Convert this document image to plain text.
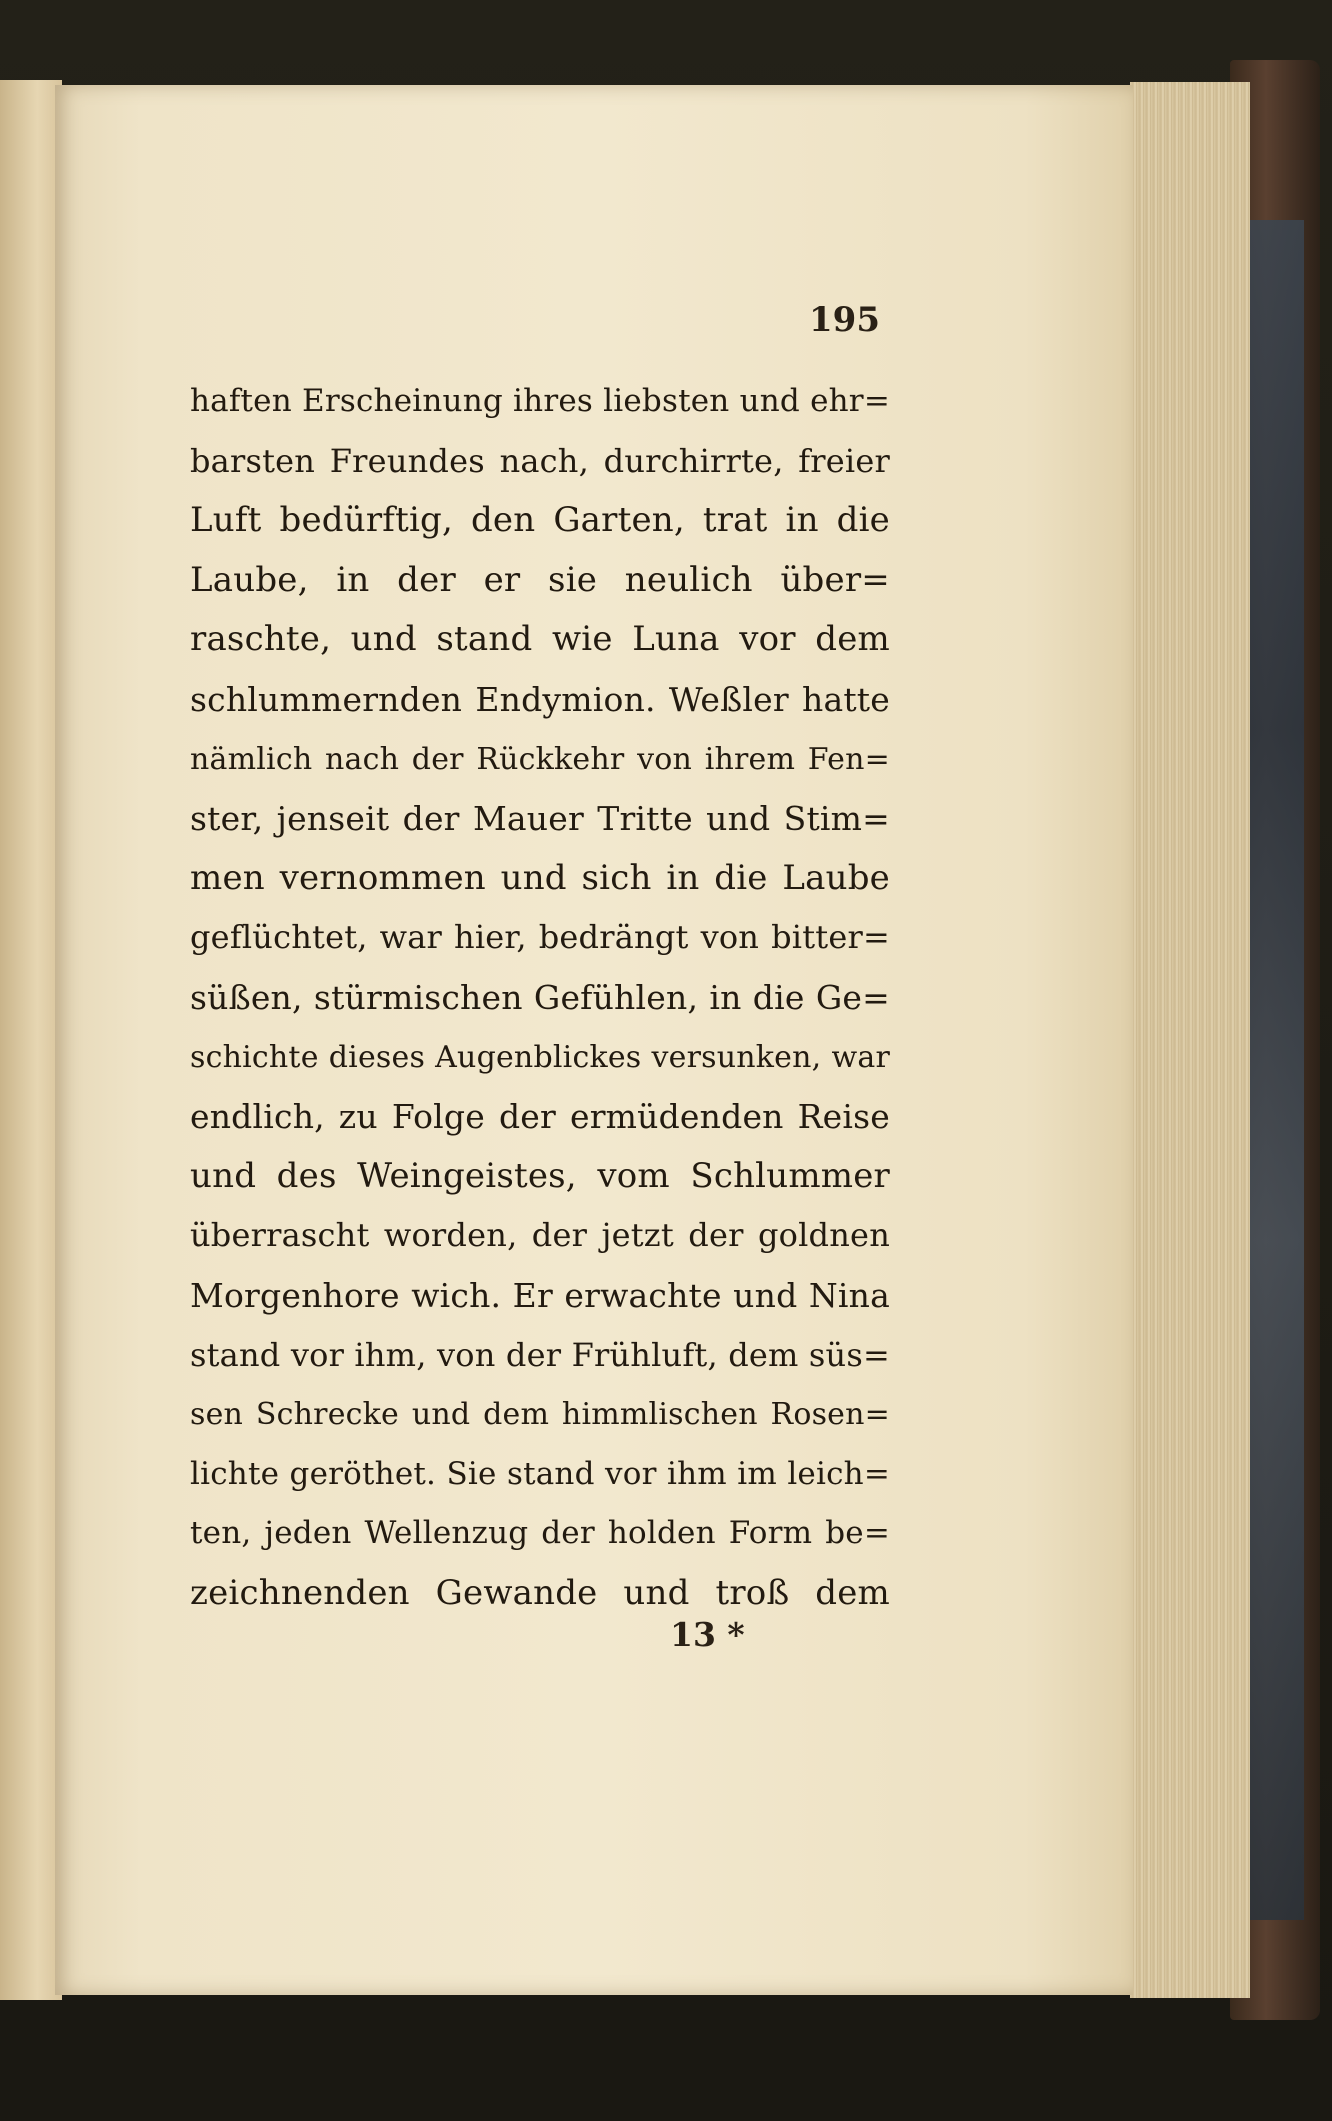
195
haften Erscheinung ihres liebsten und ehr=
barsten Freundes nach, durchirrte, freier
Luft bedürftig, den Garten, trat in die
Laube, in der er sie neulich über=
raschte, und stand wie Luna vor dem
schlummernden Endymion. Weßler hatte
nämlich nach der Rückkehr von ihrem Fen=
ster, jenseit der Mauer Tritte und Stim=
men vernommen und sich in die Laube
geflüchtet, war hier, bedrängt von bitter=
süßen, stürmischen Gefühlen, in die Ge=
schichte dieses Augenblickes versunken, war
endlich, zu Folge der ermüdenden Reise
und des Weingeistes, vom Schlummer
überrascht worden, der jetzt der goldnen
Morgenhore wich. Er erwachte und Nina
stand vor ihm, von der Frühluft, dem süs=
sen Schrecke und dem himmlischen Rosen=
lichte geröthet. Sie stand vor ihm im leich=
ten, jeden Wellenzug der holden Form be=
zeichnenden Gewande und troß dem
13 *
